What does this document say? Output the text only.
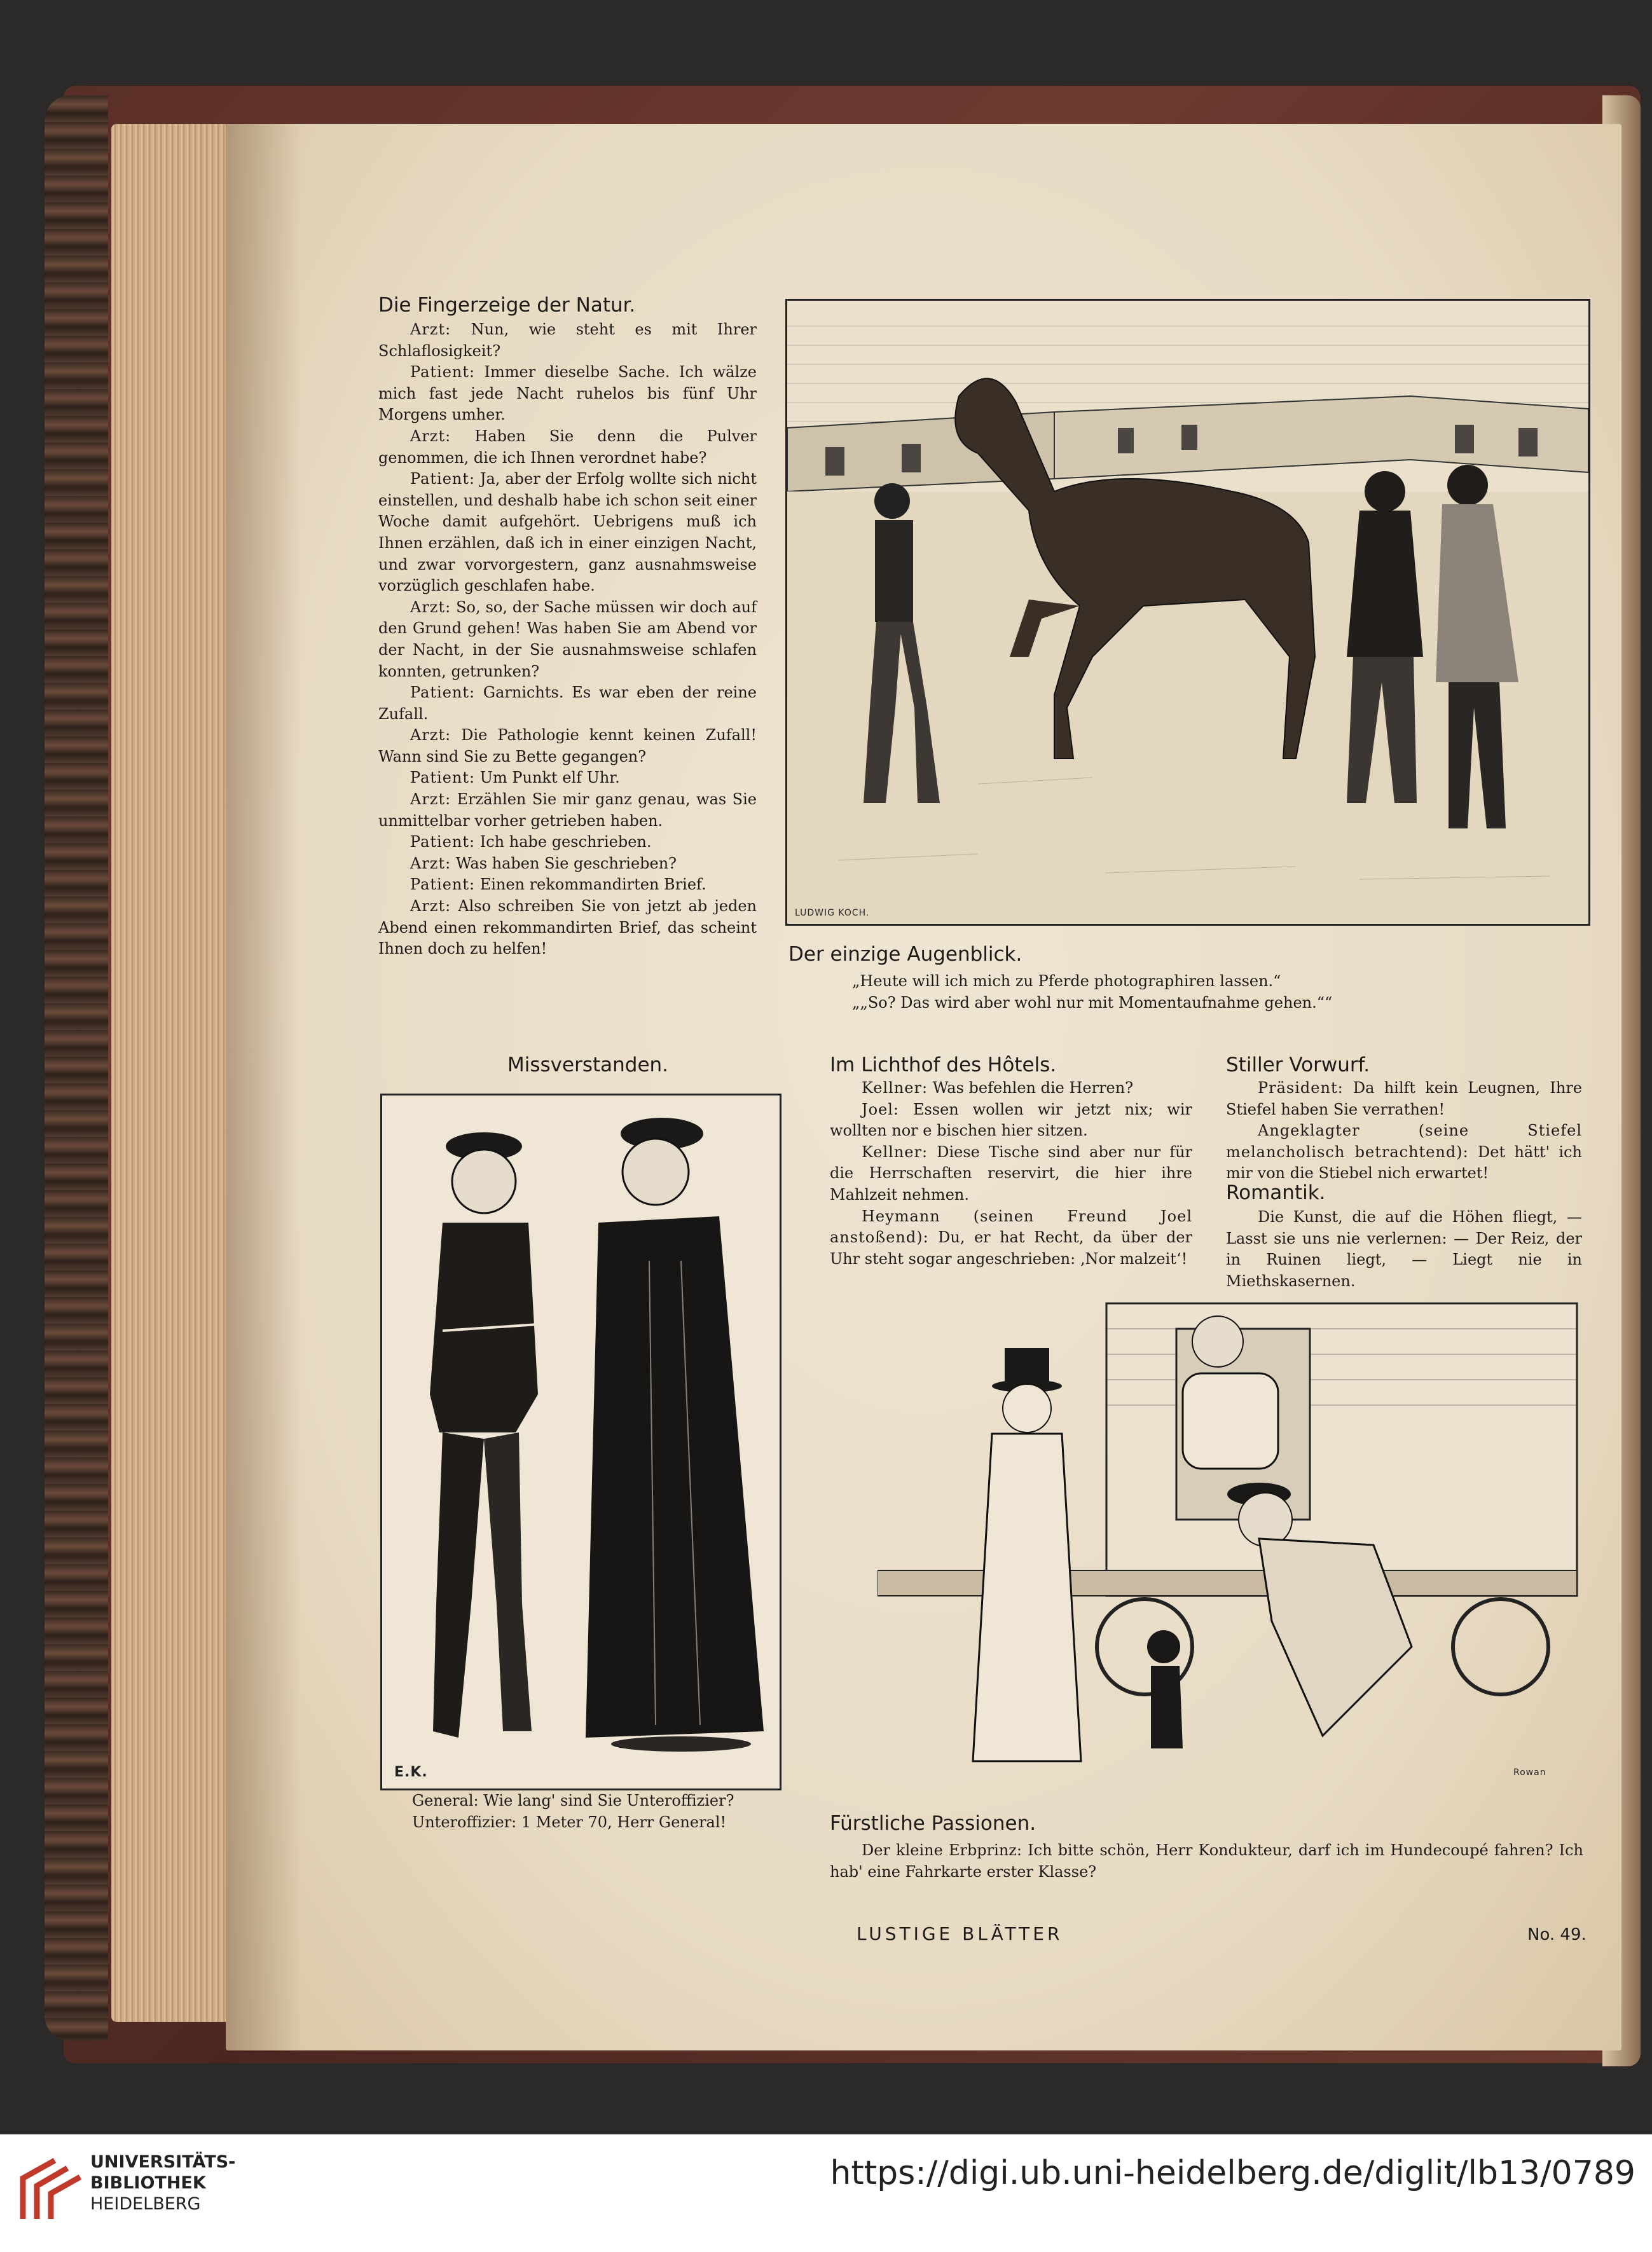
Die Fingerzeige der Natur.

Arzt: Nun, wie steht es mit Ihrer Schlaflosigkeit?

Patient: Immer dieselbe Sache. Ich wälze mich fast jede Nacht ruhelos bis fünf Uhr Morgens umher.

Arzt: Haben Sie denn die Pulver genommen, die ich Ihnen verordnet habe?

Patient: Ja, aber der Erfolg wollte sich nicht einstellen, und deshalb habe ich schon seit einer Woche damit aufgehört. Uebrigens muß ich Ihnen erzählen, daß ich in einer einzigen Nacht, und zwar vorvorgestern, ganz ausnahmsweise vorzüglich geschlafen habe.

Arzt: So, so, der Sache müssen wir doch auf den Grund gehen! Was haben Sie am Abend vor der Nacht, in der Sie ausnahmsweise schlafen konnten, getrunken?

Patient: Garnichts. Es war eben der reine Zufall.

Arzt: Die Pathologie kennt keinen Zufall! Wann sind Sie zu Bette gegangen?

Patient: Um Punkt elf Uhr.

Arzt: Erzählen Sie mir ganz genau, was Sie unmittelbar vorher getrieben haben.

Patient: Ich habe geschrieben.

Arzt: Was haben Sie geschrieben?

Patient: Einen rekommandirten Brief.

Arzt: Also schreiben Sie von jetzt ab jeden Abend einen rekommandirten Brief, das scheint Ihnen doch zu helfen!

LUDWIG KOCH.
Der einzige Augenblick.

„Heute will ich mich zu Pferde photographiren lassen.“

„„So? Das wird aber wohl nur mit Momentaufnahme gehen.““

Missverstanden.
E.K.

General: Wie lang' sind Sie Unteroffizier?

Unteroffizier: 1 Meter 70, Herr General!

Im Lichthof des Hôtels.

Kellner: Was befehlen die Herren?

Joel: Essen wollen wir jetzt nix; wir wollten nor e bischen hier sitzen.

Kellner: Diese Tische sind aber nur für die Herrschaften reservirt, die hier ihre Mahlzeit nehmen.

Heymann (seinen Freund Joel anstoßend): Du, er hat Recht, da über der Uhr steht sogar angeschrieben: ‚Nor malzeit‘!

Stiller Vorwurf.

Präsident: Da hilft kein Leugnen, Ihre Stiefel haben Sie verrathen!

Angeklagter (seine Stiefel melancholisch betrachtend): Det hätt' ich mir von die Stiebel nich erwartet!

Romantik.

Die Kunst, die auf die Höhen fliegt, — Lasst sie uns nie verlernen: — Der Reiz, der in Ruinen liegt, — Liegt nie in Miethskasernen.

Rowan
Fürstliche Passionen.
Der kleine Erbprinz: Ich bitte schön, Herr Kondukteur, darf ich im Hundecoupé fahren? Ich hab' eine Fahrkarte erster Klasse?
LUSTIGE BLÄTTER	No. 49.
UNIVERSITÄTS-
BIBLIOTHEK
HEIDELBERG
https://digi.ub.uni-heidelberg.de/diglit/lb13/0789
